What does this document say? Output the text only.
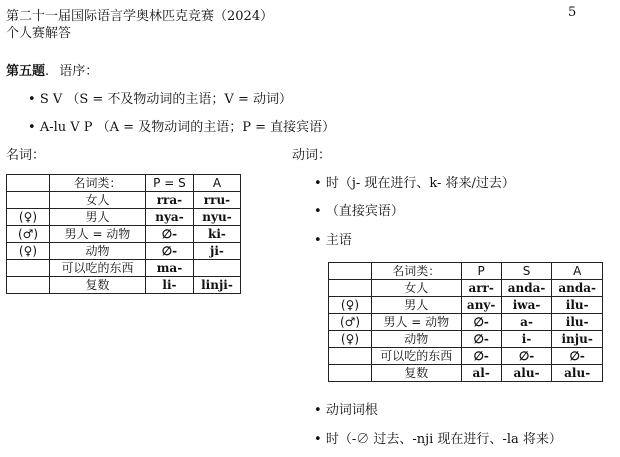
第二十一届国际语言学奥林匹克竞赛（2024）
个人赛解答
5
第五题. 语序：
• S V （S = 不及物动词的主语；V = 动词）
• A-lu V P （A = 及物动词的主语；P = 直接宾语）
名词：
	名词类：	P = S	A
	女人	rra-	rru-
(♀)	男人	nya-	nyu-
(♂)	男人 = 动物	∅-	ki-
(♀)	动物	∅-	ji-
	可以吃的东西	ma-	
	复数	li-	linji-
动词：
• 时（j- 现在进行、k- 将来/过去）
• （直接宾语）
• 主语
	名词类：	P	S	A
	女人	arr-	anda-	anda-
(♀)	男人	any-	iwa-	ilu-
(♂)	男人 = 动物	∅-	a-	ilu-
(♀)	动物	∅-	i-	inju-
	可以吃的东西	∅-	∅-	∅-
	复数	al-	alu-	alu-
• 动词词根
• 时（-∅ 过去、-nji 现在进行、-la 将来）
